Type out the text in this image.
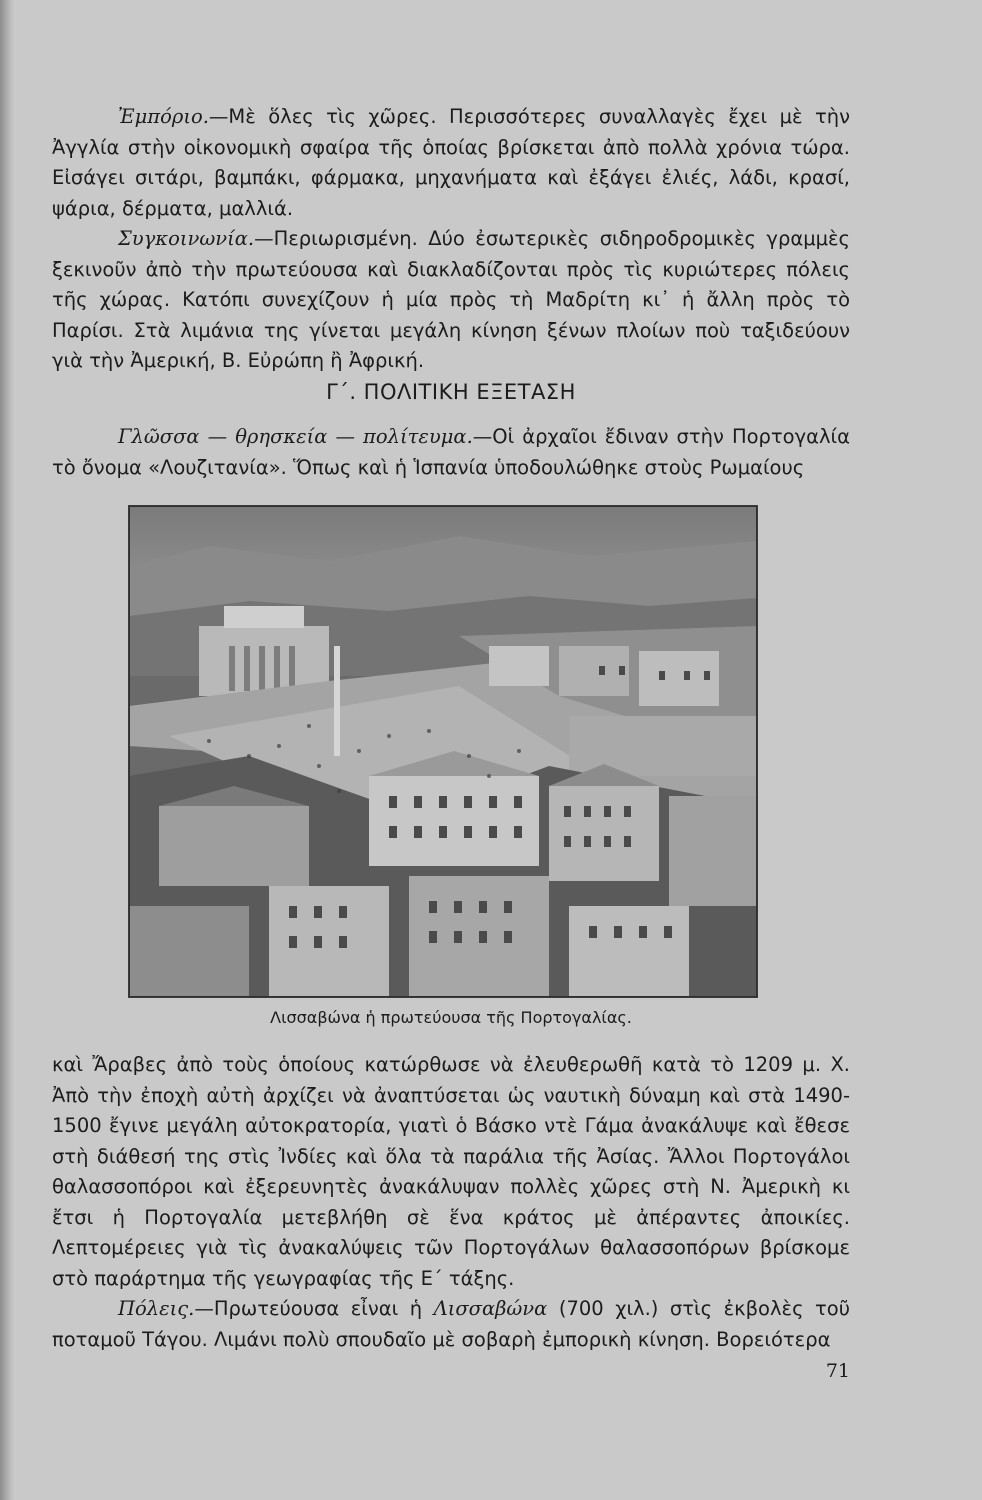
Ἐμπόριο.—Μὲ ὅλες τὶς χῶρες. Περισσότερες συναλλαγὲς ἔχει μὲ τὴν Ἀγγλία στὴν οἰκονομικὴ σφαίρα τῆς ὁποίας βρίσκεται ἀπὸ πολλὰ χρόνια τώρα. Εἰσάγει σιτάρι, βαμπάκι, φάρμακα, μηχανήματα καὶ ἐξάγει ἐλιές, λάδι, κρασί, ψάρια, δέρματα, μαλλιά.

Συγκοινωνία.—Περιωρισμένη. Δύο ἐσωτερικὲς σιδηροδρομικὲς γραμμὲς ξεκινοῦν ἀπὸ τὴν πρωτεύουσα καὶ διακλαδίζονται πρὸς τὶς κυριώτερες πόλεις τῆς χώρας. Κατόπι συνεχίζουν ἡ μία πρὸς τὴ Μαδρίτη κι᾿ ἡ ἄλλη πρὸς τὸ Παρίσι. Στὰ λιμάνια της γίνεται μεγάλη κίνηση ξένων πλοίων ποὺ ταξιδεύουν γιὰ τὴν Ἀμερική, Β. Εὐρώπη ἢ Ἀφρική.

Γ΄. ΠΟΛΙΤΙΚΗ ΕΞΕΤΑΣΗ

Γλῶσσα — θρησκεία — πολίτευμα.—Οἱ ἀρχαῖοι ἔδιναν στὴν Πορτογαλία τὸ ὄνομα «Λουζιτανία». Ὅπως καὶ ἡ Ἱσπανία ὑποδουλώθηκε στοὺς Ρωμαίους

Λισσαβώνα ἡ πρωτεύουσα τῆς Πορτογαλίας.

καὶ Ἄραβες ἀπὸ τοὺς ὁποίους κατώρθωσε νὰ ἐλευθερωθῆ κατὰ τὸ 1209 μ. Χ. Ἀπὸ τὴν ἐποχὴ αὐτὴ ἀρχίζει νὰ ἀναπτύσεται ὡς ναυτικὴ δύναμη καὶ στὰ 1490-1500 ἔγινε μεγάλη αὐτοκρατορία, γιατὶ ὁ Βάσκο ντὲ Γάμα ἀνακάλυψε καὶ ἔθεσε στὴ διάθεσή της στὶς Ἰνδίες καὶ ὅλα τὰ παράλια τῆς Ἀσίας. Ἄλλοι Πορτογάλοι θαλασσοπόροι καὶ ἐξερευνητὲς ἀνακάλυψαν πολλὲς χῶρες στὴ Ν. Ἀμερικὴ κι ἔτσι ἡ Πορτογαλία μετεβλήθη σὲ ἕνα κράτος μὲ ἀπέραντες ἀποικίες. Λεπτομέρειες γιὰ τὶς ἀνακαλύψεις τῶν Πορτογάλων θαλασσοπόρων βρίσκομε στὸ παράρτημα τῆς γεωγραφίας τῆς Ε΄ τάξης.

Πόλεις.—Πρωτεύουσα εἶναι ἡ Λισσαβώνα (700 χιλ.) στὶς ἐκβολὲς τοῦ ποταμοῦ Τάγου. Λιμάνι πολὺ σπουδαῖο μὲ σοβαρὴ ἐμπορικὴ κίνηση. Βορειότερα

71
